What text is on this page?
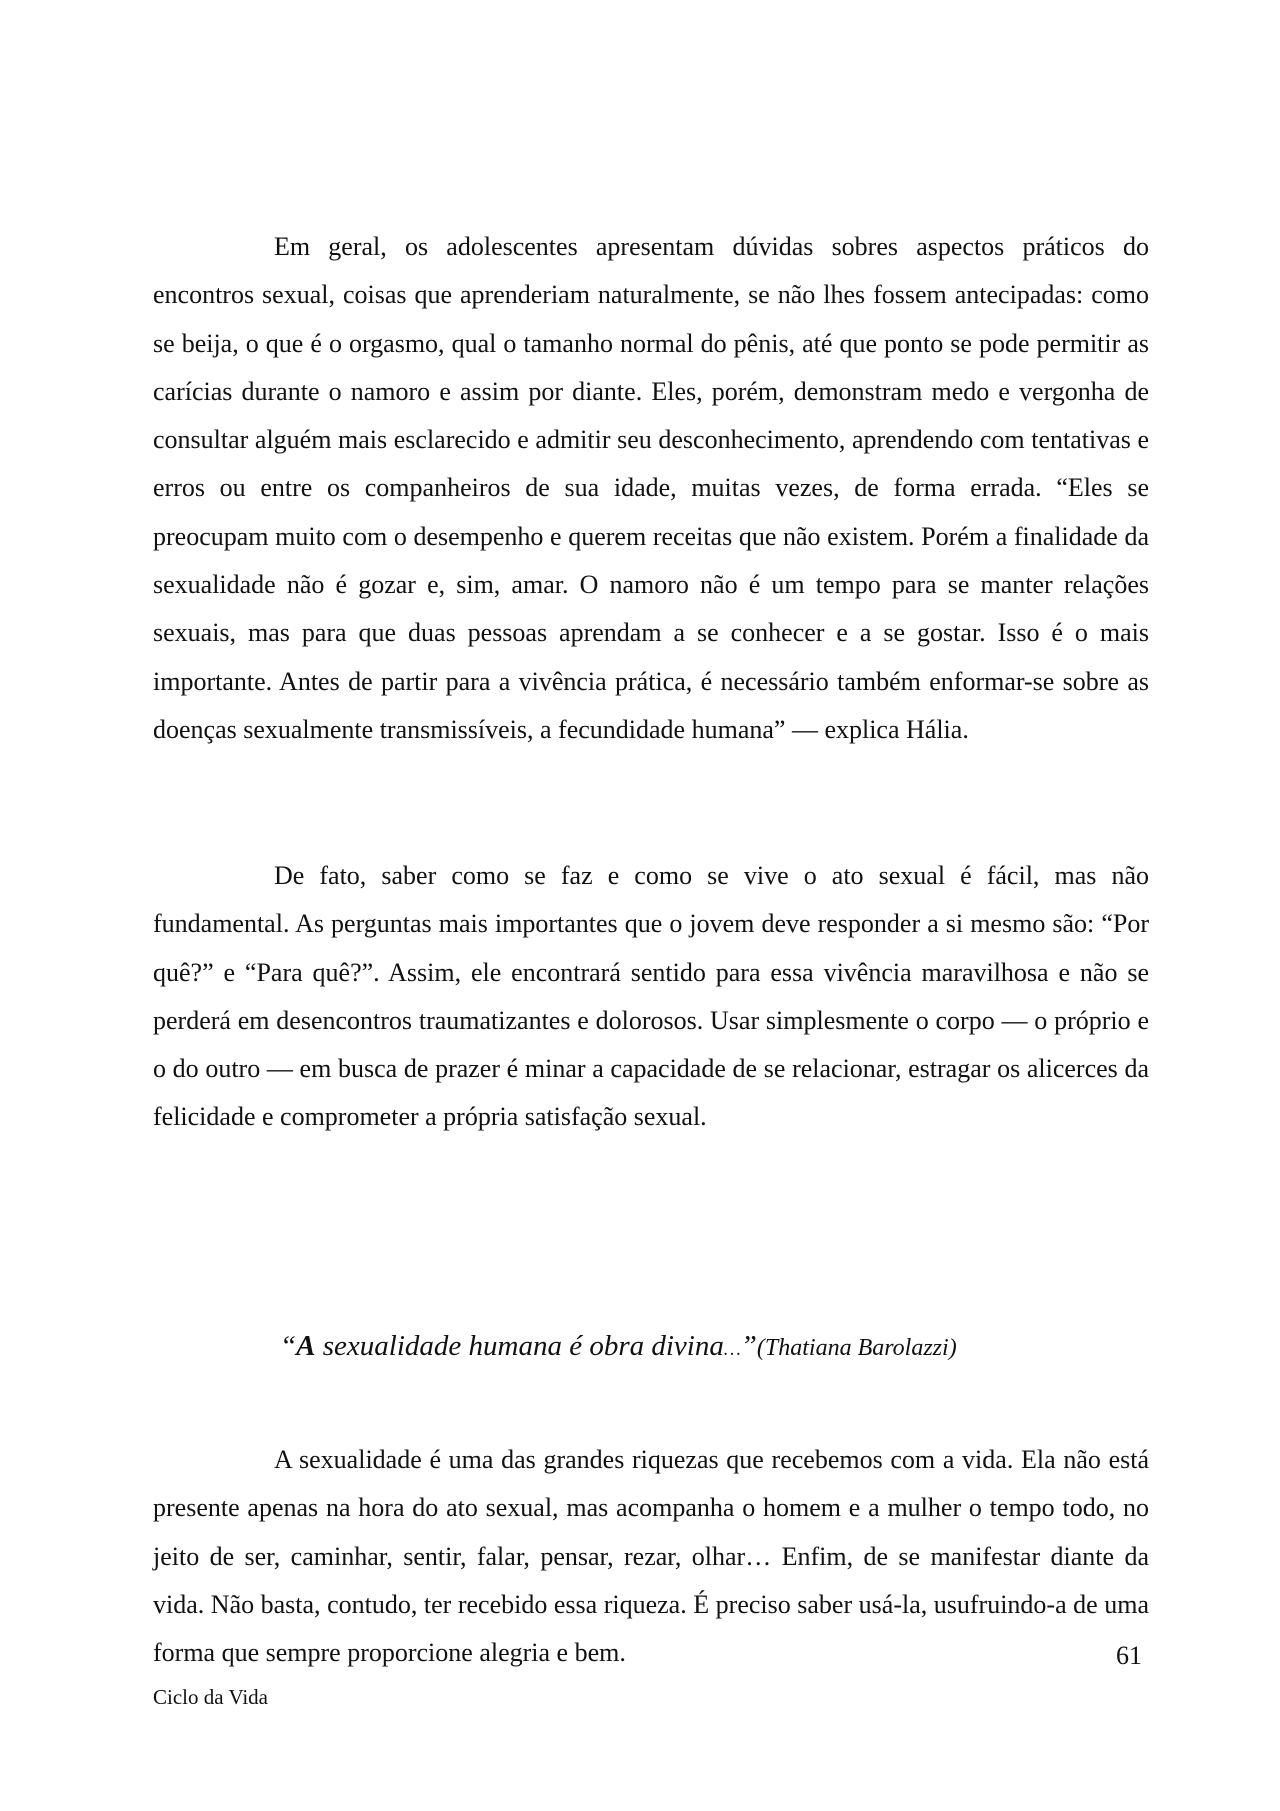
Em geral, os adolescentes apresentam dúvidas sobres aspectos práticos do encontros sexual, coisas que aprenderiam naturalmente, se não lhes fossem antecipadas: como se beija, o que é o orgasmo, qual o tamanho normal do pênis, até que ponto se pode permitir as carícias durante o namoro e assim por diante. Eles, porém, demonstram medo e vergonha de consultar alguém mais esclarecido e admitir seu desconhecimento, aprendendo com tentativas e erros ou entre os companheiros de sua idade, muitas vezes, de forma errada. “Eles se preocupam muito com o desempenho e querem receitas que não existem. Porém a finalidade da sexualidade não é gozar e, sim, amar. O namoro não é um tempo para se manter relações sexuais, mas para que duas pessoas aprendam a se conhecer e a se gostar. Isso é o mais importante. Antes de partir para a vivência prática, é necessário também enformar-se sobre as doenças sexualmente transmissíveis, a fecundidade humana” — explica Hália.

De fato, saber como se faz e como se vive o ato sexual é fácil, mas não fundamental. As perguntas mais importantes que o jovem deve responder a si mesmo são: “Por quê?” e “Para quê?”. Assim, ele encontrará sentido para essa vivência maravilhosa e não se perderá em desencontros traumatizantes e dolorosos. Usar simplesmente o corpo — o próprio e o do outro — em busca de prazer é minar a capacidade de se relacionar, estragar os alicerces da felicidade e comprometer a própria satisfação sexual.

“A sexualidade humana é obra divina…”(Thatiana Barolazzi)

A sexualidade é uma das grandes riquezas que recebemos com a vida. Ela não está presente apenas na hora do ato sexual, mas acompanha o homem e a mulher o tempo todo, no jeito de ser, caminhar, sentir, falar, pensar, rezar, olhar… Enfim, de se manifestar diante da vida. Não basta, contudo, ter recebido essa riqueza. É preciso saber usá-la, usufruindo-a de uma forma que sempre proporcione alegria e bem.	61

Ciclo da Vida
